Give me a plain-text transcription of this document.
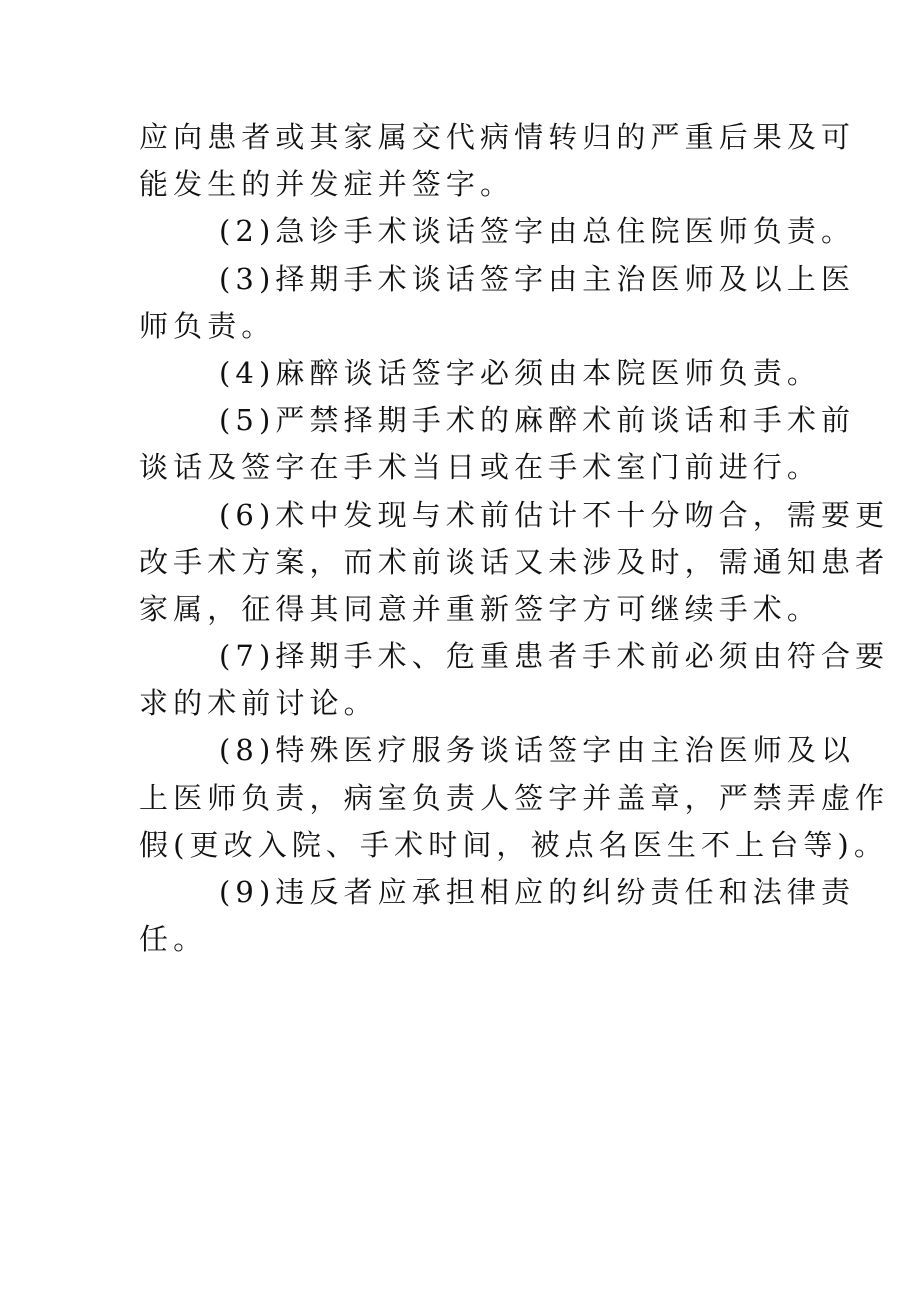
应向患者或其家属交代病情转归的严重后果及可
能发生的并发症并签字。
(2)急诊手术谈话签字由总住院医师负责。
(3)择期手术谈话签字由主治医师及以上医
师负责。
(4)麻醉谈话签字必须由本院医师负责。
(5)严禁择期手术的麻醉术前谈话和手术前
谈话及签字在手术当日或在手术室门前进行。
(6)术中发现与术前估计不十分吻合，需要更
改手术方案，而术前谈话又未涉及时，需通知患者
家属，征得其同意并重新签字方可继续手术。
(7)择期手术、危重患者手术前必须由符合要
求的术前讨论。
(8)特殊医疗服务谈话签字由主治医师及以
上医师负责，病室负责人签字并盖章，严禁弄虚作
假(更改入院、手术时间，被点名医生不上台等)。
(9)违反者应承担相应的纠纷责任和法律责
任。
